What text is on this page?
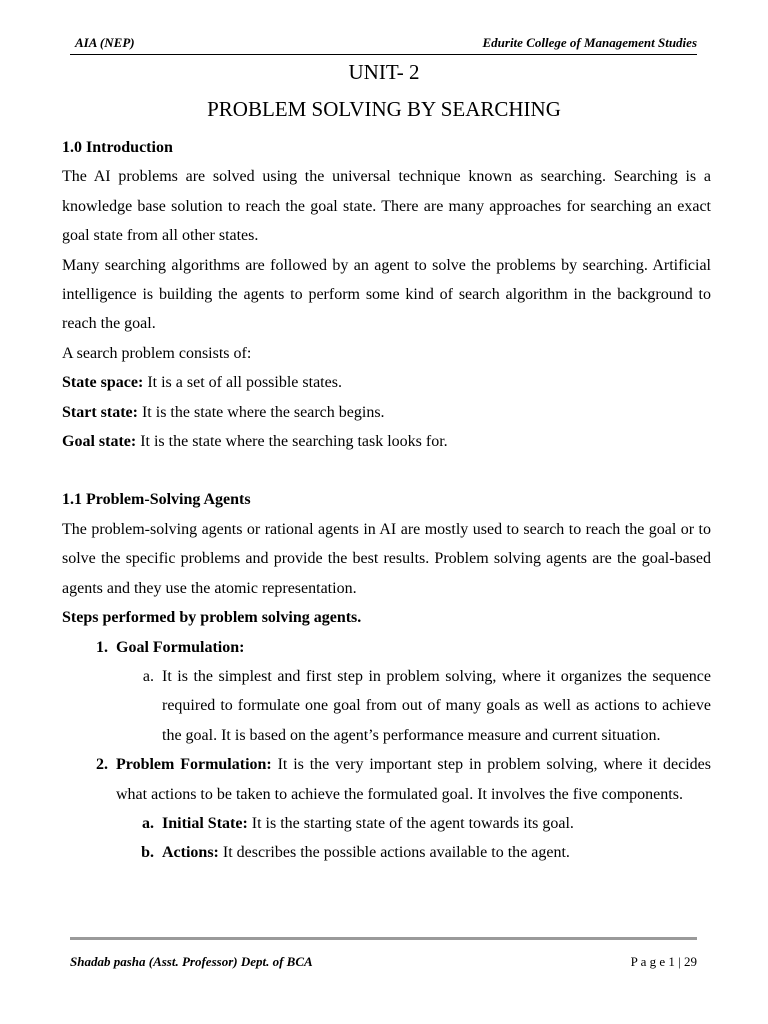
AIA (NEP)	Edurite College of Management Studies
UNIT- 2
PROBLEM SOLVING BY SEARCHING

1.0 Introduction

The AI problems are solved using the universal technique known as searching. Searching is a knowledge base solution to reach the goal state. There are many approaches for searching an exact goal state from all other states.

Many searching algorithms are followed by an agent to solve the problems by searching. Artificial intelligence is building the agents to perform some kind of search algorithm in the background to reach the goal.

A search problem consists of:

State space: It is a set of all possible states.

Start state: It is the state where the search begins.

Goal state: It is the state where the searching task looks for.

1.1 Problem-Solving Agents

The problem-solving agents or rational agents in AI are mostly used to search to reach the goal or to solve the specific problems and provide the best results. Problem solving agents are the goal-based agents and they use the atomic representation.

Steps performed by problem solving agents.

1. Goal Formulation:
a. It is the simplest and first step in problem solving, where it organizes the sequence required to formulate one goal from out of many goals as well as actions to achieve the goal. It is based on the agent’s performance measure and current situation.
2. Problem Formulation: It is the very important step in problem solving, where it decides what actions to be taken to achieve the formulated goal. It involves the five components.
a. Initial State: It is the starting state of the agent towards its goal.
b. Actions: It describes the possible actions available to the agent.
Shadab pasha (Asst. Professor) Dept. of BCA	P a g e 1 | 29
